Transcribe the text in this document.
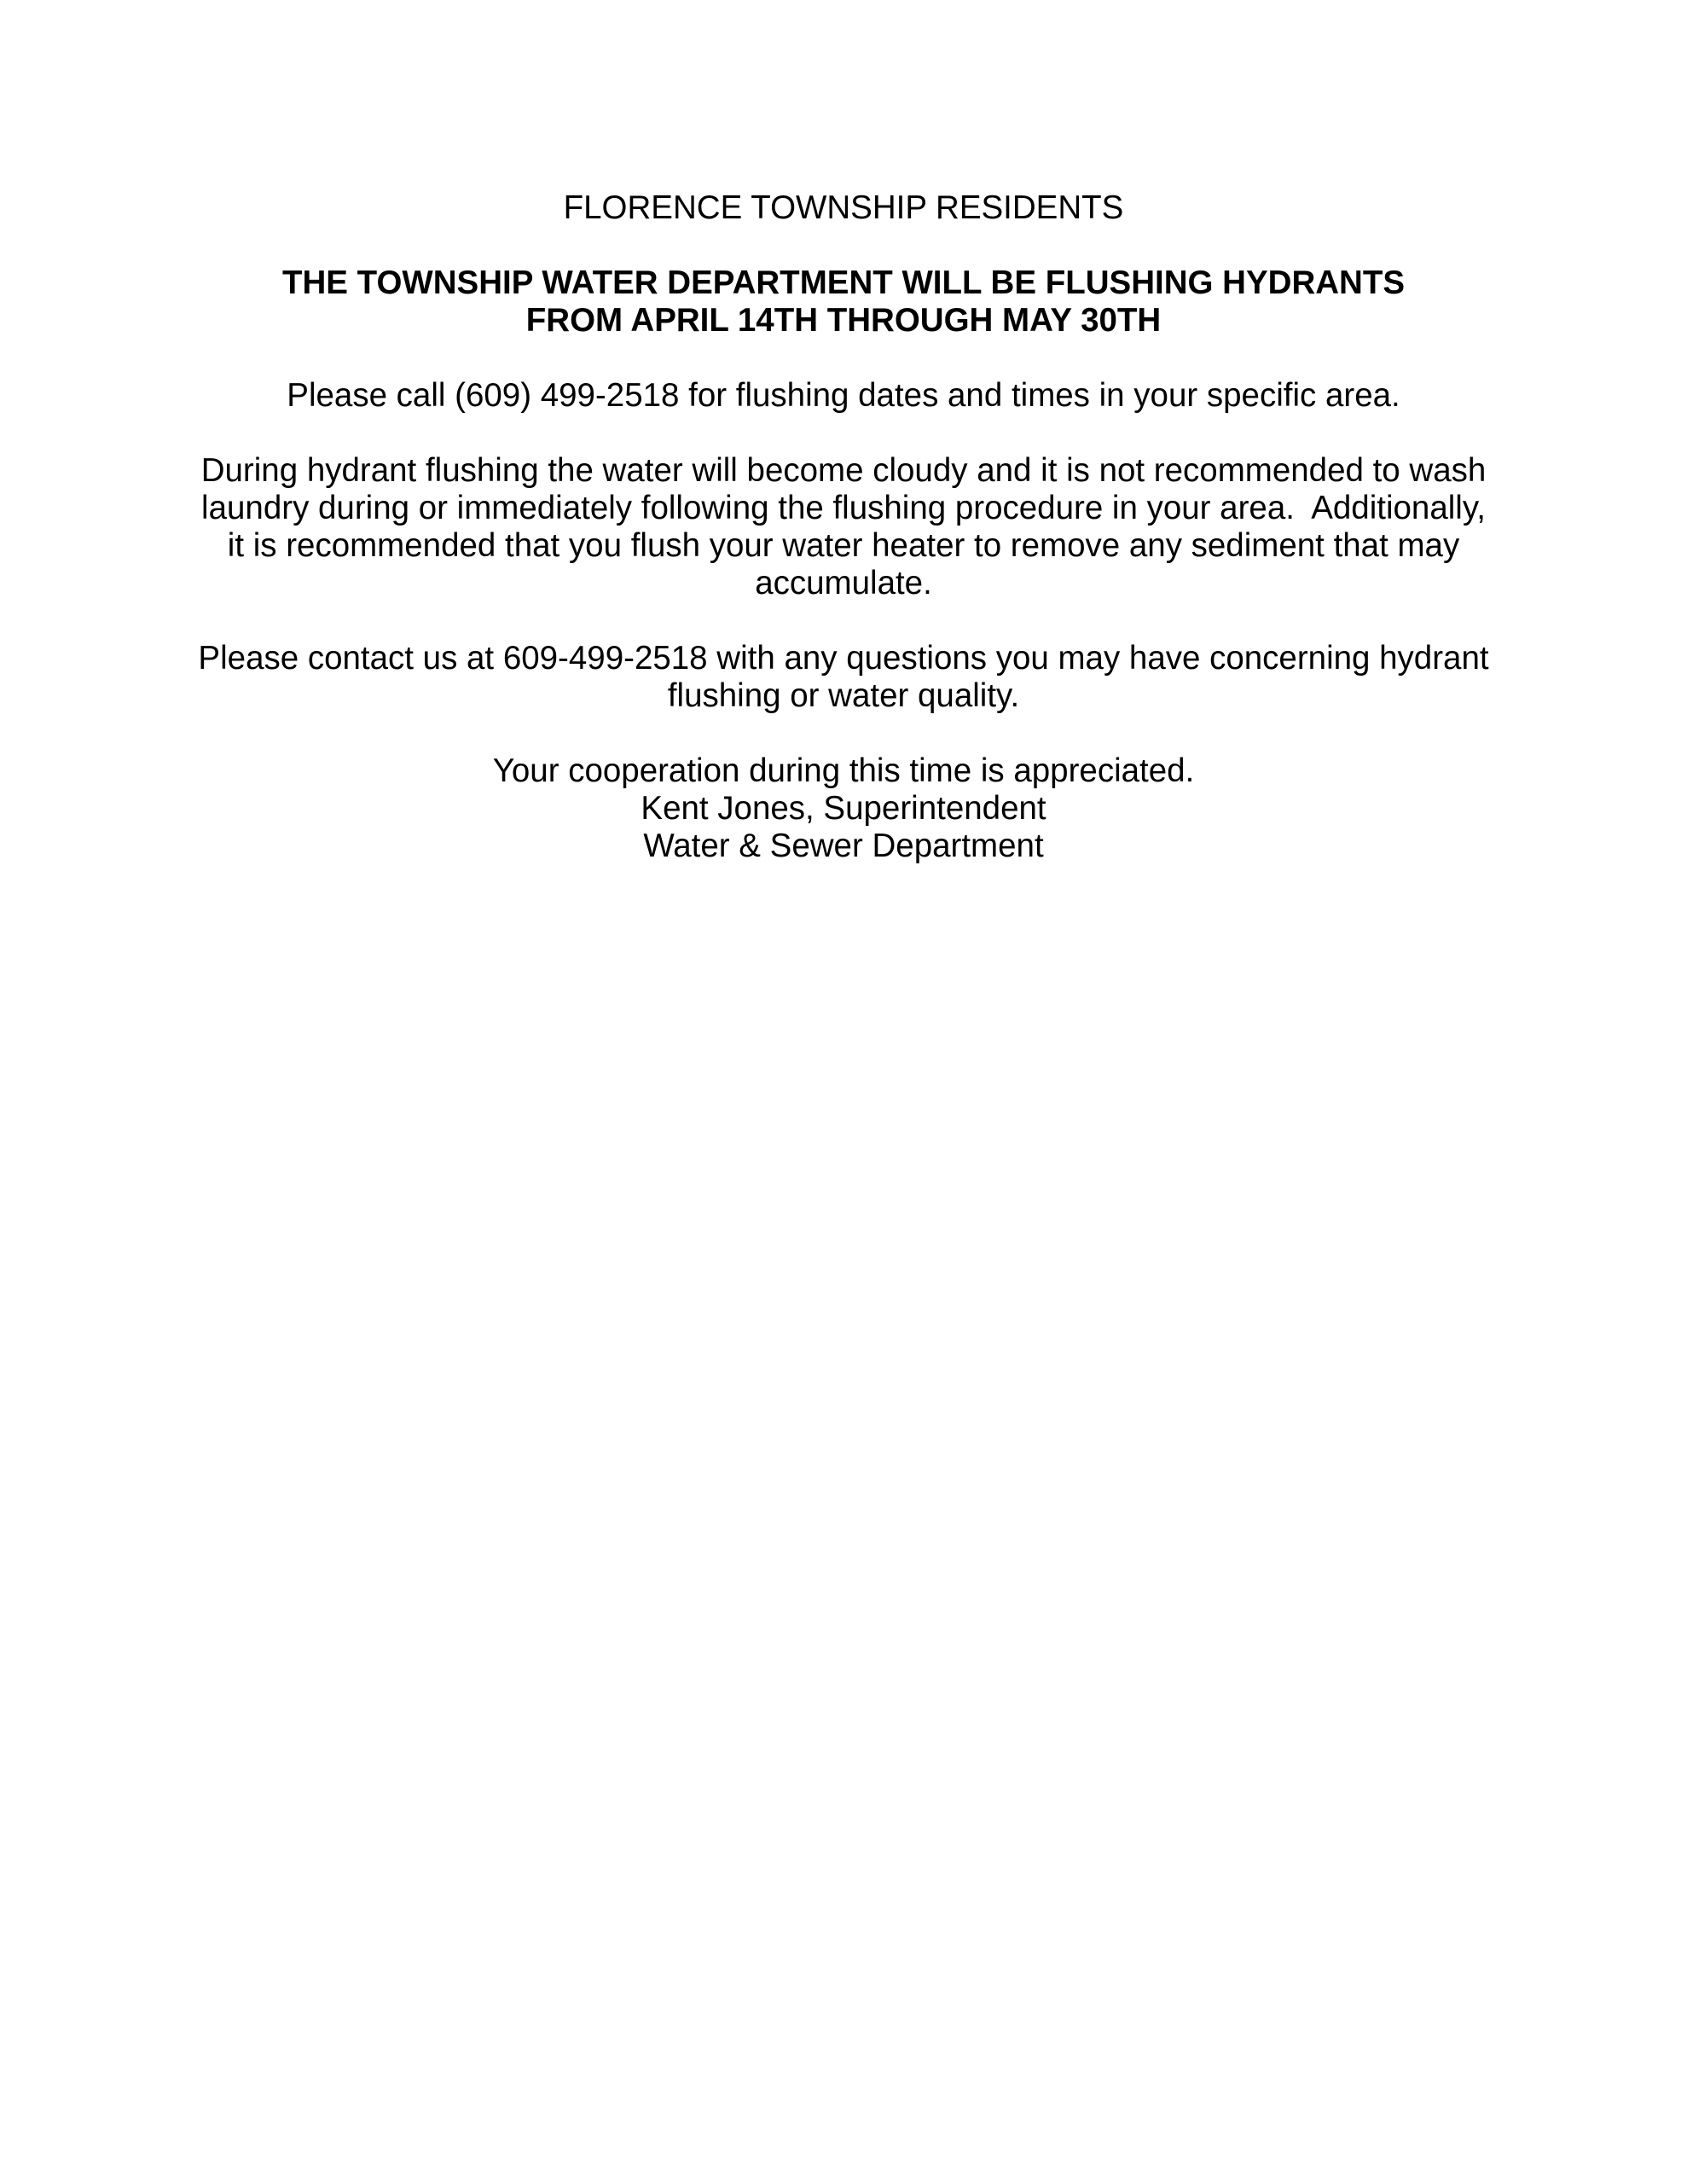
FLORENCE TOWNSHIP RESIDENTS

THE TOWNSHIP WATER DEPARTMENT WILL BE FLUSHING HYDRANTS

FROM APRIL 14TH THROUGH MAY 30TH

Please call (609) 499-2518 for flushing dates and times in your specific area.

During hydrant flushing the water will become cloudy and it is not recommended to wash

laundry during or immediately following the flushing procedure in your area.  Additionally,

it is recommended that you flush your water heater to remove any sediment that may

accumulate.

Please contact us at 609-499-2518 with any questions you may have concerning hydrant

flushing or water quality.

Your cooperation during this time is appreciated.

Kent Jones, Superintendent

Water & Sewer Department
